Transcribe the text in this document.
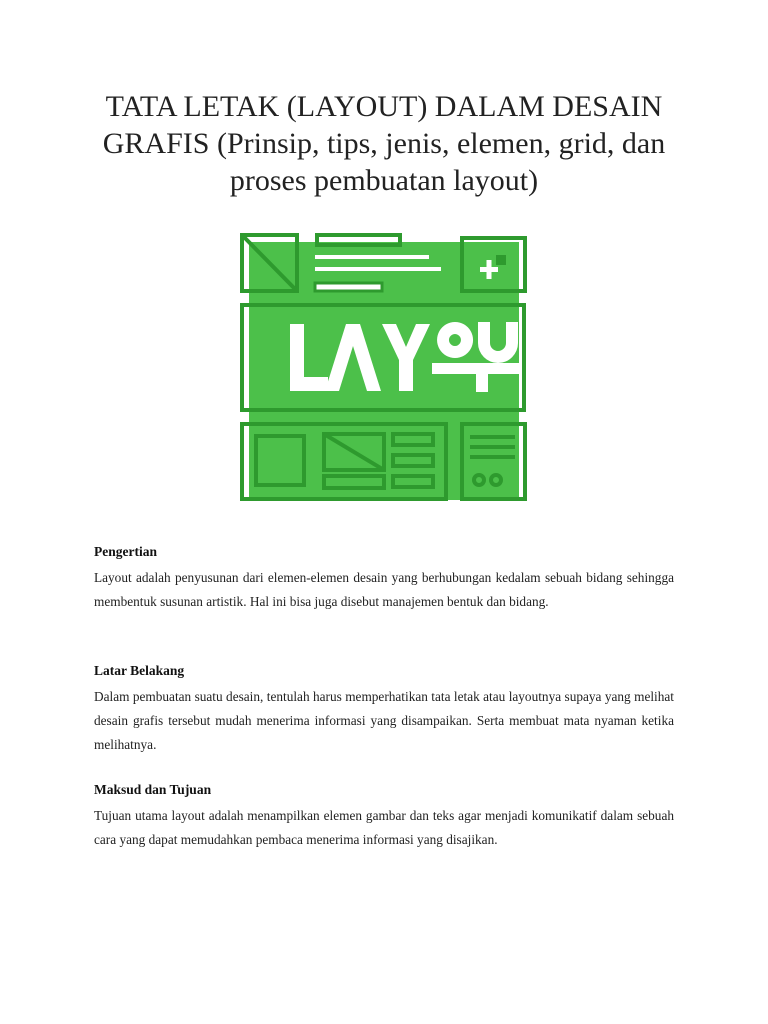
TATA LETAK (LAYOUT) DALAM DESAIN GRAFIS (Prinsip, tips, jenis, elemen, grid, dan proses pembuatan layout)
Pengertian

Layout adalah penyusunan dari elemen-elemen desain yang berhubungan kedalam sebuah bidang sehingga membentuk susunan artistik. Hal ini bisa juga disebut manajemen bentuk dan bidang.

Latar Belakang

Dalam pembuatan suatu desain, tentulah harus memperhatikan tata letak atau layoutnya supaya yang melihat desain grafis tersebut mudah menerima informasi yang disampaikan. Serta membuat mata nyaman ketika melihatnya.

Maksud dan Tujuan

Tujuan utama layout adalah menampilkan elemen gambar dan teks agar menjadi komunikatif dalam sebuah cara yang dapat memudahkan pembaca menerima informasi yang disajikan.
